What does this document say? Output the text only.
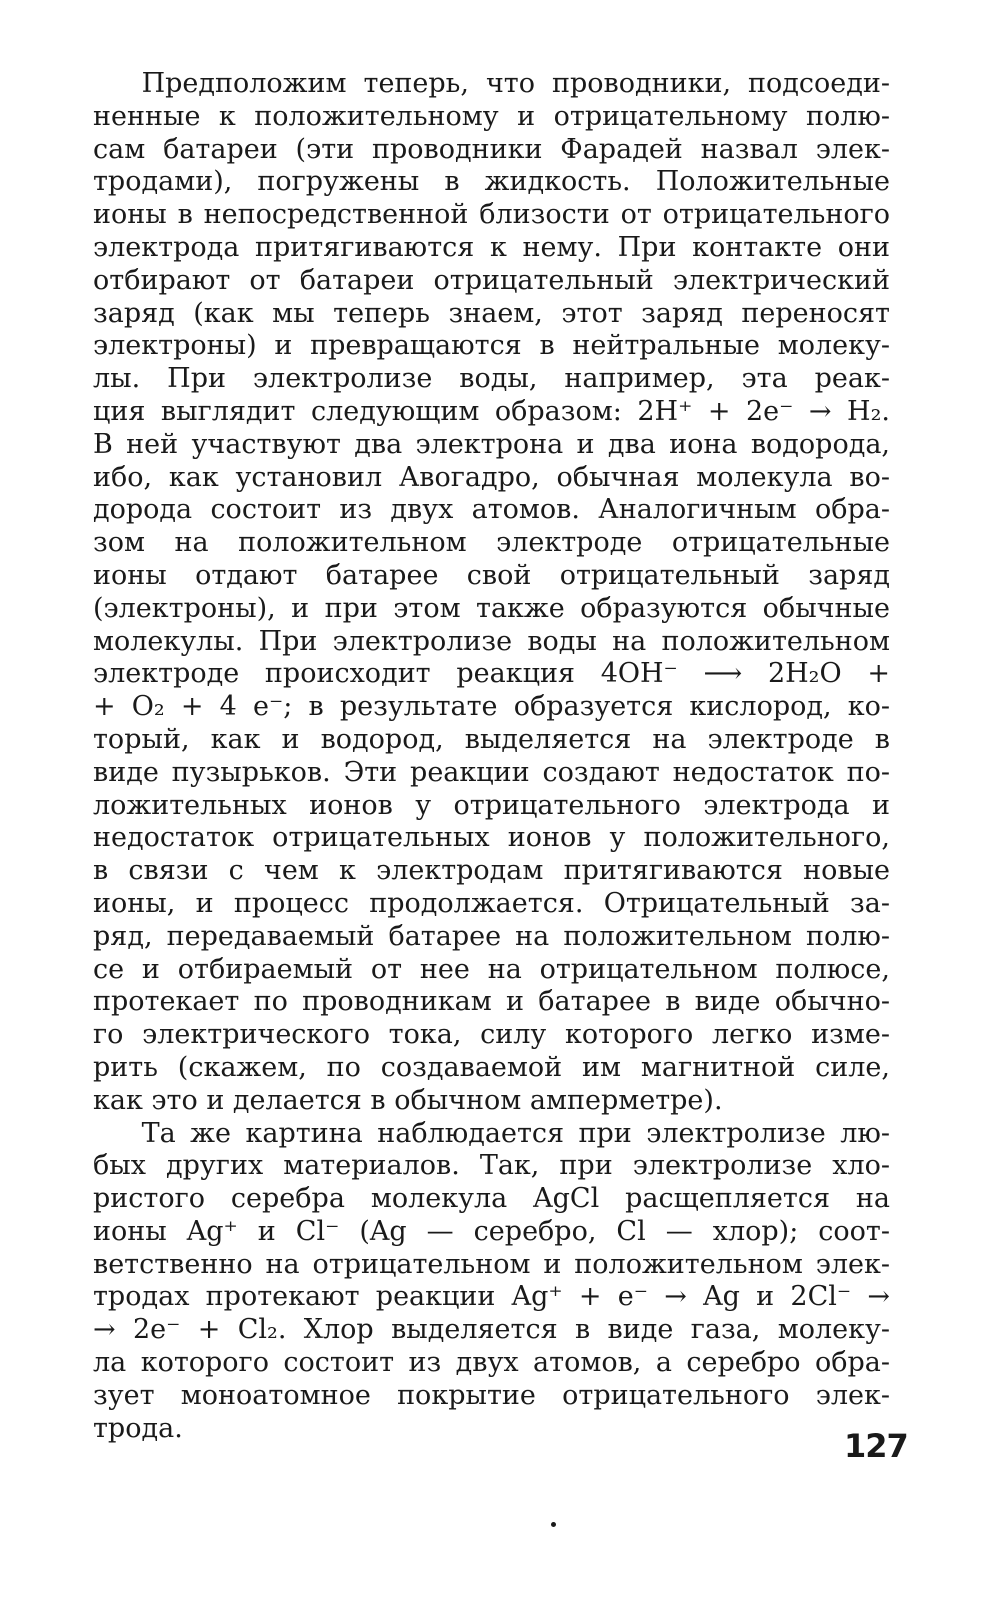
Предположим теперь, что проводники, подсоеди-
ненные к положительному и отрицательному полю-
сам батареи (эти проводники Фарадей назвал элек-
тродами), погружены в жидкость. Положительные
ионы в непосредственной близости от отрицательного
электрода притягиваются к нему. При контакте они
отбирают от батареи отрицательный электрический
заряд (как мы теперь знаем, этот заряд переносят
электроны) и превращаются в нейтральные молеку-
лы. При электролизе воды, например, эта реак-
ция выглядит следующим образом: 2H⁺ + 2e⁻ → H₂.
В ней участвуют два электрона и два иона водорода,
ибо, как установил Авогадро, обычная молекула во-
дорода состоит из двух атомов. Аналогичным обра-
зом на положительном электроде отрицательные
ионы отдают батарее свой отрицательный заряд
(электроны), и при этом также образуются обычные
молекулы. При электролизе воды на положительном
электроде происходит реакция 4OH⁻ ⟶ 2H₂O +
+ O₂ + 4 e⁻; в результате образуется кислород, ко-
торый, как и водород, выделяется на электроде в
виде пузырьков. Эти реакции создают недостаток по-
ложительных ионов у отрицательного электрода и
недостаток отрицательных ионов у положительного,
в связи с чем к электродам притягиваются новые
ионы, и процесс продолжается. Отрицательный за-
ряд, передаваемый батарее на положительном полю-
се и отбираемый от нее на отрицательном полюсе,
протекает по проводникам и батарее в виде обычно-
го электрического тока, силу которого легко изме-
рить (скажем, по создаваемой им магнитной силе,
как это и делается в обычном амперметре).
Та же картина наблюдается при электролизе лю-
бых других материалов. Так, при электролизе хло-
ристого серебра молекула AgCl расщепляется на
ионы Ag⁺ и Cl⁻ (Ag — серебро, Cl — хлор); соот-
ветственно на отрицательном и положительном элек-
тродах протекают реакции Ag⁺ + e⁻ → Ag и 2Cl⁻ →
→ 2e⁻ + Cl₂. Хлор выделяется в виде газа, молеку-
ла которого состоит из двух атомов, а серебро обра-
зует моноатомное покрытие отрицательного элек-
трода.	127
